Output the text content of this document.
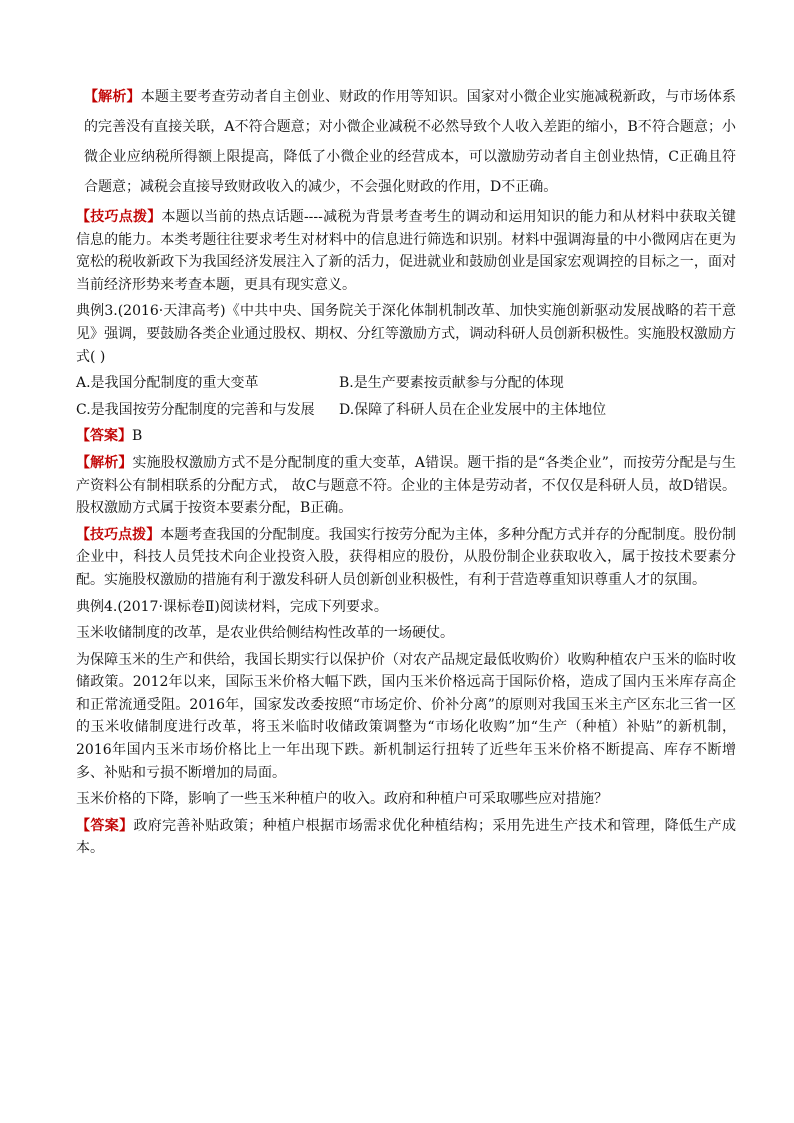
【解析】本题主要考查劳动者自主创业、财政的作用等知识。国家对小微企业实施减税新政，与市场体系的完善没有直接关联，A不符合题意；对小微企业减税不必然导致个人收入差距的缩小，B不符合题意；小微企业应纳税所得额上限提高，降低了小微企业的经营成本，可以激励劳动者自主创业热情，C正确且符合题意；减税会直接导致财政收入的减少，不会强化财政的作用，D不正确。

【技巧点拨】本题以当前的热点话题----减税为背景考查考生的调动和运用知识的能力和从材料中获取关键信息的能力。本类考题往往要求考生对材料中的信息进行筛选和识别。材料中强调海量的中小微网店在更为宽松的税收新政下为我国经济发展注入了新的活力，促进就业和鼓励创业是国家宏观调控的目标之一，面对当前经济形势来考查本题，更具有现实意义。

典例3.(2016·天津高考)《中共中央、国务院关于深化体制机制改革、加快实施创新驱动发展战略的若干意见》强调，要鼓励各类企业通过股权、期权、分红等激励方式，调动科研人员创新积极性。实施股权激励方式( )

A.是我国分配制度的重大变革	B.是生产要素按贡献参与分配的体现
C.是我国按劳分配制度的完善和与发展	D.保障了科研人员在企业发展中的主体地位

【答案】B

【解析】实施股权激励方式不是分配制度的重大变革，A错误。题干指的是“各类企业”，而按劳分配是与生产资料公有制相联系的分配方式， 故C与题意不符。企业的主体是劳动者，不仅仅是科研人员，故D错误。股权激励方式属于按资本要素分配，B正确。

【技巧点拨】本题考查我国的分配制度。我国实行按劳分配为主体，多种分配方式并存的分配制度。股份制企业中，科技人员凭技术向企业投资入股，获得相应的股份，从股份制企业获取收入，属于按技术要素分配。实施股权激励的措施有利于激发科研人员创新创业积极性，有利于营造尊重知识尊重人才的氛围。

典例4.(2017·课标卷Ⅱ)阅读材料，完成下列要求。

玉米收储制度的改革，是农业供给侧结构性改革的一场硬仗。

为保障玉米的生产和供给，我国长期实行以保护价（对农产品规定最低收购价）收购种植农户玉米的临时收储政策。2012年以来，国际玉米价格大幅下跌，国内玉米价格远高于国际价格，造成了国内玉米库存高企和正常流通受阻。2016年，国家发改委按照“市场定价、价补分离”的原则对我国玉米主产区东北三省一区的玉米收储制度进行改革，将玉米临时收储政策调整为“市场化收购”加“生产（种植）补贴”的新机制，2016年国内玉米市场价格比上一年出现下跌。新机制运行扭转了近些年玉米价格不断提高、库存不断增多、补贴和亏损不断增加的局面。

玉米价格的下降，影响了一些玉米种植户的收入。政府和种植户可采取哪些应对措施？

【答案】政府完善补贴政策；种植户根据市场需求优化种植结构；采用先进生产技术和管理，降低生产成本。
